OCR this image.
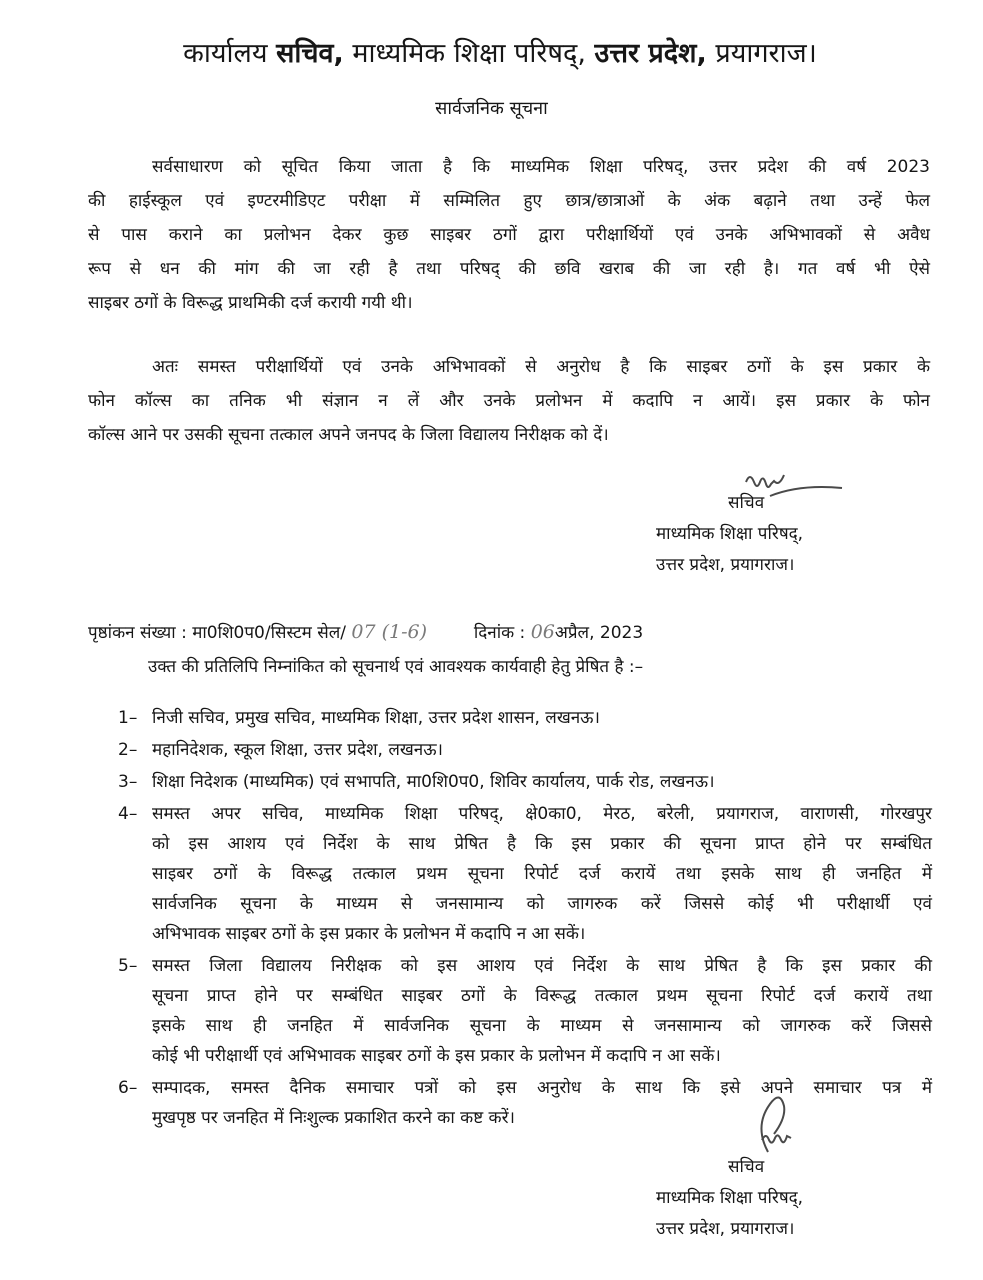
कार्यालय सचिव, माध्यमिक शिक्षा परिषद्, उत्तर प्रदेश, प्रयागराज।
सार्वजनिक सूचना
सर्वसाधारण को सूचित किया जाता है कि माध्यमिक शिक्षा परिषद्, उत्तर प्रदेश की वर्ष 2023
की हाईस्कूल एवं इण्टरमीडिएट परीक्षा में सम्मिलित हुए छात्र/छात्राओं के अंक बढ़ाने तथा उन्हें फेल
से पास कराने का प्रलोभन देकर कुछ साइबर ठगों द्वारा परीक्षार्थियों एवं उनके अभिभावकों से अवैध
रूप से धन की मांग की जा रही है तथा परिषद् की छवि खराब की जा रही है। गत वर्ष भी ऐसे
साइबर ठगों के विरूद्ध प्राथमिकी दर्ज करायी गयी थी।
अतः समस्त परीक्षार्थियों एवं उनके अभिभावकों से अनुरोध है कि साइबर ठगों के इस प्रकार के
फोन कॉल्स का तनिक भी संज्ञान न लें और उनके प्रलोभन में कदापि न आयें। इस प्रकार के फोन
कॉल्स आने पर उसकी सूचना तत्काल अपने जनपद के जिला विद्यालय निरीक्षक को दें।
सचिव
माध्यमिक शिक्षा परिषद्,
उत्तर प्रदेश, प्रयागराज।
पृष्ठांकन संख्या : मा0शि0प0/सिस्टम सेल/ 07 (1-6)	दिनांक : 06अप्रैल, 2023
उक्त की प्रतिलिपि निम्नांकित को सूचनार्थ एवं आवश्यक कार्यवाही हेतु प्रेषित है :–
1– निजी सचिव, प्रमुख सचिव, माध्यमिक शिक्षा, उत्तर प्रदेश शासन, लखनऊ।
2– महानिदेशक, स्कूल शिक्षा, उत्तर प्रदेश, लखनऊ।
3– शिक्षा निदेशक (माध्यमिक) एवं सभापति, मा0शि0प0, शिविर कार्यालय, पार्क रोड, लखनऊ।
4– समस्त अपर सचिव, माध्यमिक शिक्षा परिषद्, क्षे0का0, मेरठ, बरेली, प्रयागराज, वाराणसी, गोरखपुर
को इस आशय एवं निर्देश के साथ प्रेषित है कि इस प्रकार की सूचना प्राप्त होने पर सम्बंधित
साइबर ठगों के विरूद्ध तत्काल प्रथम सूचना रिपोर्ट दर्ज करायें तथा इसके साथ ही जनहित में
सार्वजनिक सूचना के माध्यम से जनसामान्य को जागरुक करें जिससे कोई भी परीक्षार्थी एवं
अभिभावक साइबर ठगों के इस प्रकार के प्रलोभन में कदापि न आ सकें।
5– समस्त जिला विद्यालय निरीक्षक को इस आशय एवं निर्देश के साथ प्रेषित है कि इस प्रकार की
सूचना प्राप्त होने पर सम्बंधित साइबर ठगों के विरूद्ध तत्काल प्रथम सूचना रिपोर्ट दर्ज करायें तथा
इसके साथ ही जनहित में सार्वजनिक सूचना के माध्यम से जनसामान्य को जागरुक करें जिससे
कोई भी परीक्षार्थी एवं अभिभावक साइबर ठगों के इस प्रकार के प्रलोभन में कदापि न आ सकें।
6– सम्पादक, समस्त दैनिक समाचार पत्रों को इस अनुरोध के साथ कि इसे अपने समाचार पत्र में
मुखपृष्ठ पर जनहित में निःशुल्क प्रकाशित करने का कष्ट करें।
सचिव
माध्यमिक शिक्षा परिषद्,
उत्तर प्रदेश, प्रयागराज।
